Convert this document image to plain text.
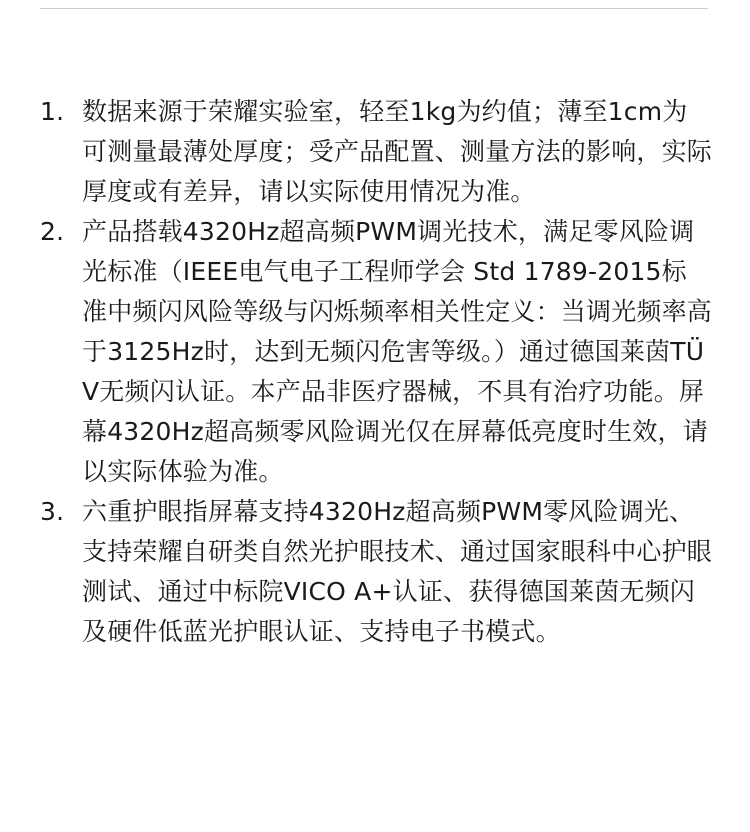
1. 数据来源于荣耀实验室，轻至1kg为约值；薄至1cm为可测量最薄处厚度；受产品配置、测量方法的影响，实际厚度或有差异，请以实际使用情况为准。
2. 产品搭载4320Hz超高频PWM调光技术，满足零风险调光标准（IEEE电气电子工程师学会 Std 1789-2015标准中频闪风险等级与闪烁频率相关性定义：当调光频率高于3125Hz时，达到无频闪危害等级。）通过德国莱茵TÜV无频闪认证。本产品非医疗器械，不具有治疗功能。屏幕4320Hz超高频零风险调光仅在屏幕低亮度时生效，请以实际体验为准。
3. 六重护眼指屏幕支持4320Hz超高频PWM零风险调光、支持荣耀自研类自然光护眼技术、通过国家眼科中心护眼测试、通过中标院VICO A+认证、获得德国莱茵无频闪及硬件低蓝光护眼认证、支持电子书模式。
